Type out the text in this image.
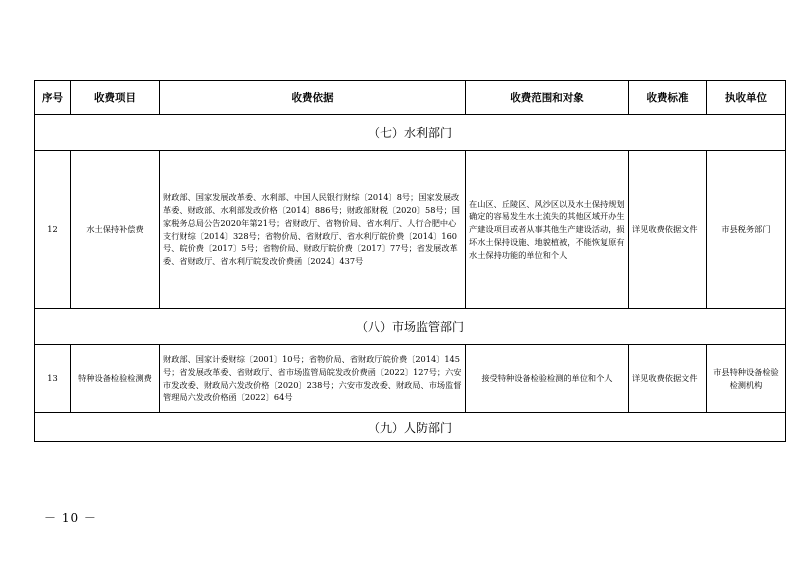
序号	收费项目	收费依据	收费范围和对象	收费标准	执收单位
（七）水利部门					
12	水土保持补偿费	财政部、国家发展改革委、水利部、中国人民银行财综〔2014〕8号；国家发展改革委、财政部、水利部发改价格〔2014〕886号；财政部财税〔2020〕58号；国家税务总局公告2020年第21号；省财政厅、省物价局、省水利厅、人行合肥中心支行财综〔2014〕328号；省物价局、省财政厅、省水利厅皖价费〔2014〕160号、皖价费〔2017〕5号；省物价局、财政厅皖价费〔2017〕77号；省发展改革委、省财政厅、省水利厅皖发改价费函〔2024〕437号	在山区、丘陵区、风沙区以及水土保持规划确定的容易发生水土流失的其他区域开办生产建设项目或者从事其他生产建设活动，损坏水土保持设施、地貌植被，不能恢复原有水土保持功能的单位和个人	详见收费依据文件	市县税务部门
（八）市场监管部门					
13	特种设备检验检测费	财政部、国家计委财综〔2001〕10号；省物价局、省财政厅皖价费〔2014〕145号；省发展改革委、省财政厅、省市场监管局皖发改价费函〔2022〕127号；六安市发改委、财政局六发改价格〔2020〕238号；六安市发改委、财政局、市场监督管理局六发改价格函〔2022〕64号	接受特种设备检验检测的单位和个人	详见收费依据文件	市县特种设备检验检测机构
（九）人防部门					
－ 10 －
